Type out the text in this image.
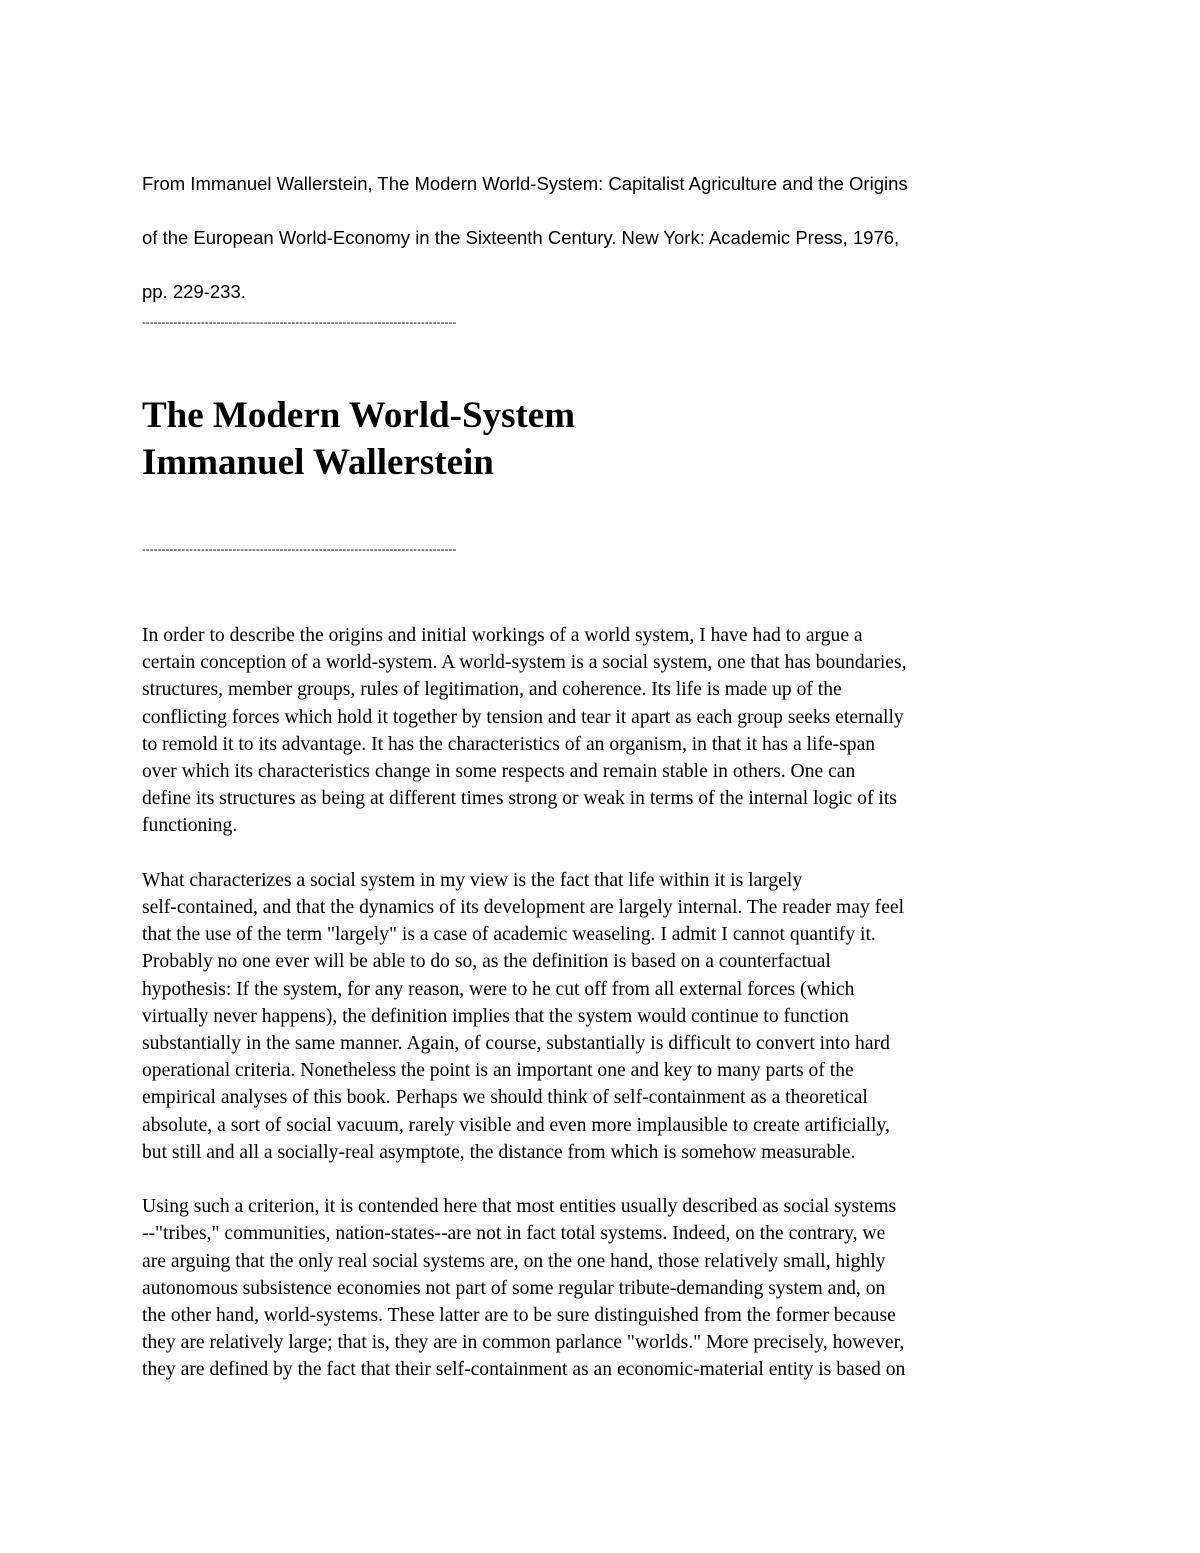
From Immanuel Wallerstein, The Modern World-System: Capitalist Agriculture and the Origins

of the European World-Economy in the Sixteenth Century. New York: Academic Press, 1976,

pp. 229-233.

--------------------------------------------------------------------------------
The Modern World-System
Immanuel Wallerstein
--------------------------------------------------------------------------------

In order to describe the origins and initial workings of a world system, I have had to argue a
certain conception of a world-system. A world-system is a social system, one that has boundaries,
structures, member groups, rules of legitimation, and coherence. Its life is made up of the
conflicting forces which hold it together by tension and tear it apart as each group seeks eternally
to remold it to its advantage. It has the characteristics of an organism, in that it has a life-span
over which its characteristics change in some respects and remain stable in others. One can
define its structures as being at different times strong or weak in terms of the internal logic of its
functioning.

What characterizes a social system in my view is the fact that life within it is largely
self-contained, and that the dynamics of its development are largely internal. The reader may feel
that the use of the term "largely" is a case of academic weaseling. I admit I cannot quantify it.
Probably no one ever will be able to do so, as the definition is based on a counterfactual
hypothesis: If the system, for any reason, were to he cut off from all external forces (which
virtually never happens), the definition implies that the system would continue to function
substantially in the same manner. Again, of course, substantially is difficult to convert into hard
operational criteria. Nonetheless the point is an important one and key to many parts of the
empirical analyses of this book. Perhaps we should think of self-containment as a theoretical
absolute, a sort of social vacuum, rarely visible and even more implausible to create artificially,
but still and all a socially-real asymptote, the distance from which is somehow measurable.

Using such a criterion, it is contended here that most entities usually described as social systems
--"tribes," communities, nation-states--are not in fact total systems. Indeed, on the contrary, we
are arguing that the only real social systems are, on the one hand, those relatively small, highly
autonomous subsistence economies not part of some regular tribute-demanding system and, on
the other hand, world-systems. These latter are to be sure distinguished from the former because
they are relatively large; that is, they are in common parlance "worlds." More precisely, however,
they are defined by the fact that their self-containment as an economic-material entity is based on
